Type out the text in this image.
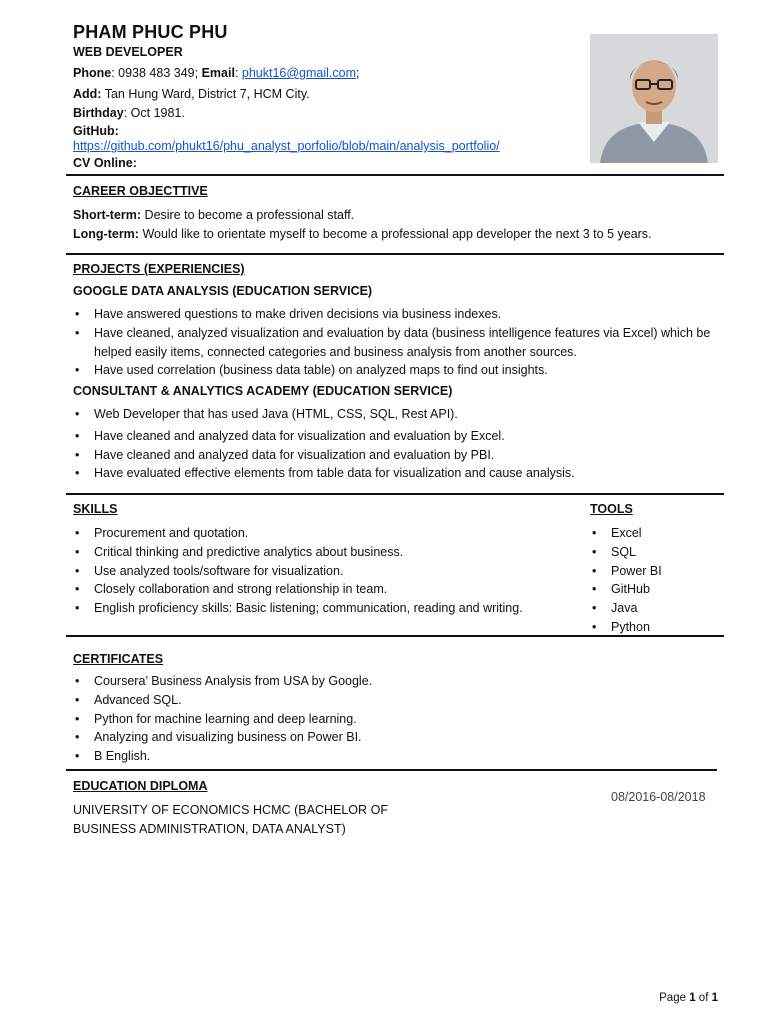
PHAM PHUC PHU
WEB DEVELOPER
Phone: 0938 483 349; Email: phukt16@gmail.com;
Add: Tan Hung Ward, District 7, HCM City.
Birthday: Oct 1981.
GitHub:
https://github.com/phukt16/phu_analyst_porfolio/blob/main/analysis_portfolio/
CV Online:
CAREER OBJECTTIVE
Short-term: Desire to become a professional staff.
Long-term: Would like to orientate myself to become a professional app developer the next 3 to 5 years.
PROJECTS (EXPERIENCIES)
GOOGLE DATA ANALYSIS (EDUCATION SERVICE)
• Have answered questions to make driven decisions via business indexes.
• Have cleaned, analyzed visualization and evaluation by data (business intelligence features via Excel) which be helped easily items, connected categories and business analysis from another sources.
• Have used correlation (business data table) on analyzed maps to find out insights.
CONSULTANT & ANALYTICS ACADEMY (EDUCATION SERVICE)
• Web Developer that has used Java (HTML, CSS, SQL, Rest API).
• Have cleaned and analyzed data for visualization and evaluation by Excel.
• Have cleaned and analyzed data for visualization and evaluation by PBI.
• Have evaluated effective elements from table data for visualization and cause analysis.
SKILLS
• Procurement and quotation.
• Critical thinking and predictive analytics about business.
• Use analyzed tools/software for visualization.
• Closely collaboration and strong relationship in team.
• English proficiency skills: Basic listening; communication, reading and writing.
TOOLS
• Excel
• SQL
• Power BI
• GitHub
• Java
• Python
CERTIFICATES
• Coursera’ Business Analysis from USA by Google.
• Advanced SQL.
• Python for machine learning and deep learning.
• Analyzing and visualizing business on Power BI.
• B English.
EDUCATION DIPLOMA
UNIVERSITY OF ECONOMICS HCMC (BACHELOR OF
BUSINESS ADMINISTRATION, DATA ANALYST)
08/2016-08/2018
Page 1 of 1
